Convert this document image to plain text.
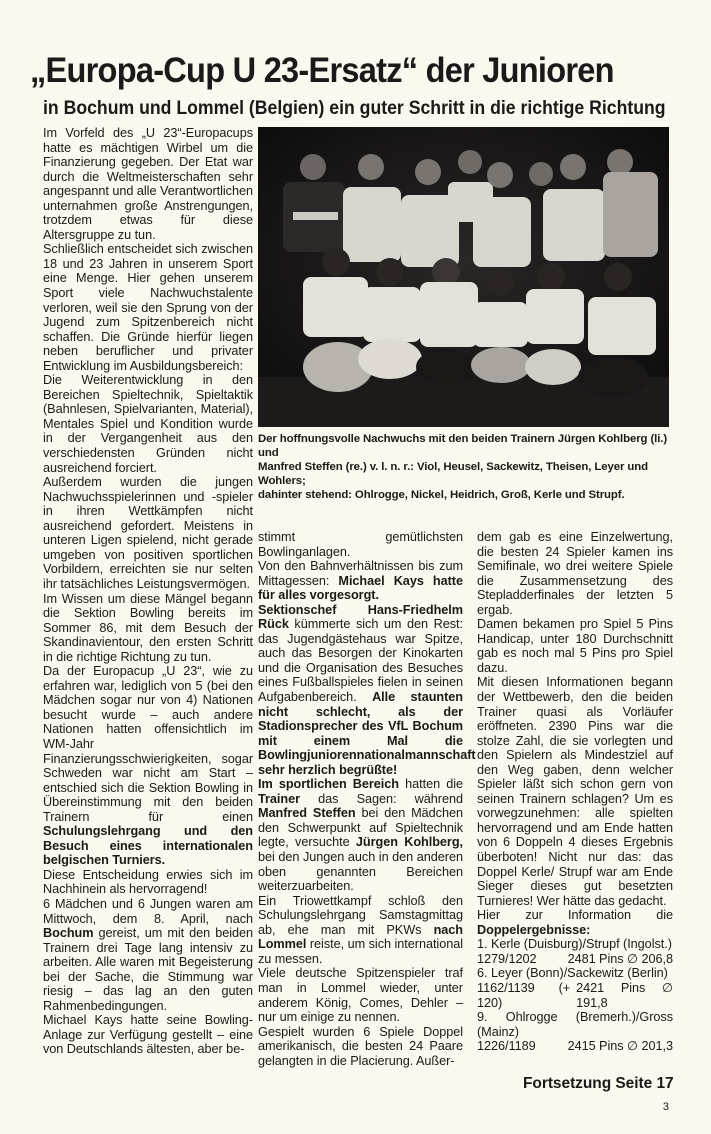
„Europa-Cup U 23-Ersatz“ der Junioren
in Bochum und Lommel (Belgien) ein guter Schritt in die richtige Richtung

Im Vorfeld des „U 23“-Europacups hatte es mächtigen Wirbel um die Finanzierung gegeben. Der Etat war durch die Weltmeisterschaften sehr angespannt und alle Verantwortlichen unternahmen große Anstrengungen, trotzdem etwas für diese Altersgruppe zu tun.

Schließlich entscheidet sich zwischen 18 und 23 Jahren in unserem Sport eine Menge. Hier gehen unserem Sport viele Nachwuchstalente verloren, weil sie den Sprung von der Jugend zum Spitzenbereich nicht schaffen. Die Gründe hierfür liegen neben beruflicher und privater Entwicklung im Ausbildungsbereich:

Die Weiterentwicklung in den Bereichen Spieltechnik, Spieltaktik (Bahnlesen, Spielvarianten, Material), Mentales Spiel und Kondition wurde in der Vergangenheit aus den verschiedensten Gründen nicht ausreichend forciert.

Außerdem wurden die jungen Nachwuchsspielerinnen und -spieler in ihren Wettkämpfen nicht ausreichend gefordert. Meistens in unteren Ligen spielend, nicht gerade umgeben von positiven sportlichen Vorbildern, erreichten sie nur selten ihr tatsächliches Leistungsvermögen.

Im Wissen um diese Mängel begann die Sektion Bowling bereits im Sommer 86, mit dem Besuch der Skandinavientour, den ersten Schritt in die richtige Richtung zu tun.

Da der Europacup „U 23“, wie zu erfahren war, lediglich von 5 (bei den Mädchen sogar nur von 4) Nationen besucht wurde – auch andere Nationen hatten offensichtlich im WM-Jahr Finanzierungsschwierigkeiten, sogar Schweden war nicht am Start – entschied sich die Sektion Bowling in Übereinstimmung mit den beiden Trainern für einen Schulungslehrgang und den Besuch eines internationalen belgischen Turniers.

Diese Entscheidung erwies sich im Nachhinein als hervorragend!

6 Mädchen und 6 Jungen waren am Mittwoch, dem 8. April, nach Bochum gereist, um mit den beiden Trainern drei Tage lang intensiv zu arbeiten. Alle waren mit Begeisterung bei der Sache, die Stimmung war riesig – das lag an den guten Rahmenbedingungen.

Michael Kays hatte seine Bowling-Anlage zur Verfügung gestellt – eine von Deutschlands ältesten, aber be-

Der hoffnungsvolle Nachwuchs mit den beiden Trainern Jürgen Kohlberg (li.) und

Manfred Steffen (re.) v. l. n. r.: Viol, Heusel, Sackewitz, Theisen, Leyer und Wohlers;

dahinter stehend: Ohlrogge, Nickel, Heidrich, Groß, Kerle und Strupf.

stimmt gemütlichsten Bowlinganlagen.

Von den Bahnverhältnissen bis zum Mittagessen: Michael Kays hatte für alles vorgesorgt.

Sektionschef Hans-Friedhelm Rück kümmerte sich um den Rest: das Jugendgästehaus war Spitze, auch das Besorgen der Kinokarten und die Organisation des Besuches eines Fußballspieles fielen in seinen Aufgabenbereich. Alle staunten nicht schlecht, als der Stadionsprecher des VfL Bochum mit einem Mal die Bowlingjuniorennationalmannschaft sehr herzlich begrüßte!

Im sportlichen Bereich hatten die Trainer das Sagen: während Manfred Steffen bei den Mädchen den Schwerpunkt auf Spieltechnik legte, versuchte Jürgen Kohlberg, bei den Jungen auch in den anderen oben genannten Bereichen weiterzuarbeiten.

Ein Triowettkampf schloß den Schulungslehrgang Samstagmittag ab, ehe man mit PKWs nach Lommel reiste, um sich international zu messen.

Viele deutsche Spitzenspieler traf man in Lommel wieder, unter anderem König, Comes, Dehler – nur um einige zu nennen.

Gespielt wurden 6 Spiele Doppel amerikanisch, die besten 24 Paare gelangten in die Placierung. Außer-

dem gab es eine Einzelwertung, die besten 24 Spieler kamen ins Semifinale, wo drei weitere Spiele die Zusammensetzung des Stepladderfinales der letzten 5 ergab.

Damen bekamen pro Spiel 5 Pins Handicap, unter 180 Durchschnitt gab es noch mal 5 Pins pro Spiel dazu.

Mit diesen Informationen begann der Wettbewerb, den die beiden Trainer quasi als Vorläufer eröffneten. 2390 Pins war die stolze Zahl, die sie vorlegten und den Spielern als Mindestziel auf den Weg gaben, denn welcher Spieler läßt sich schon gern von seinen Trainern schlagen? Um es vorwegzunehmen: alle spielten hervorragend und am Ende hatten von 6 Doppeln 4 dieses Ergebnis überboten! Nicht nur das: das Doppel Kerle/ Strupf war am Ende Sieger dieses gut besetzten Turnieres! Wer hätte das gedacht.

Hier zur Information die Doppelergebnisse:

1. Kerle (Duisburg)/Strupf (Ingolst.)
1279/1202 2481 Pins ∅ 206,8
6. Leyer (Bonn)/Sackewitz (Berlin)
1162/1139 (+ 120)
2421 Pins ∅ 191,8
9. Ohlrogge (Bremerh.)/Gross (Mainz)
1226/1189	2415 Pins ∅ 201,3
Fortsetzung Seite 17
3
